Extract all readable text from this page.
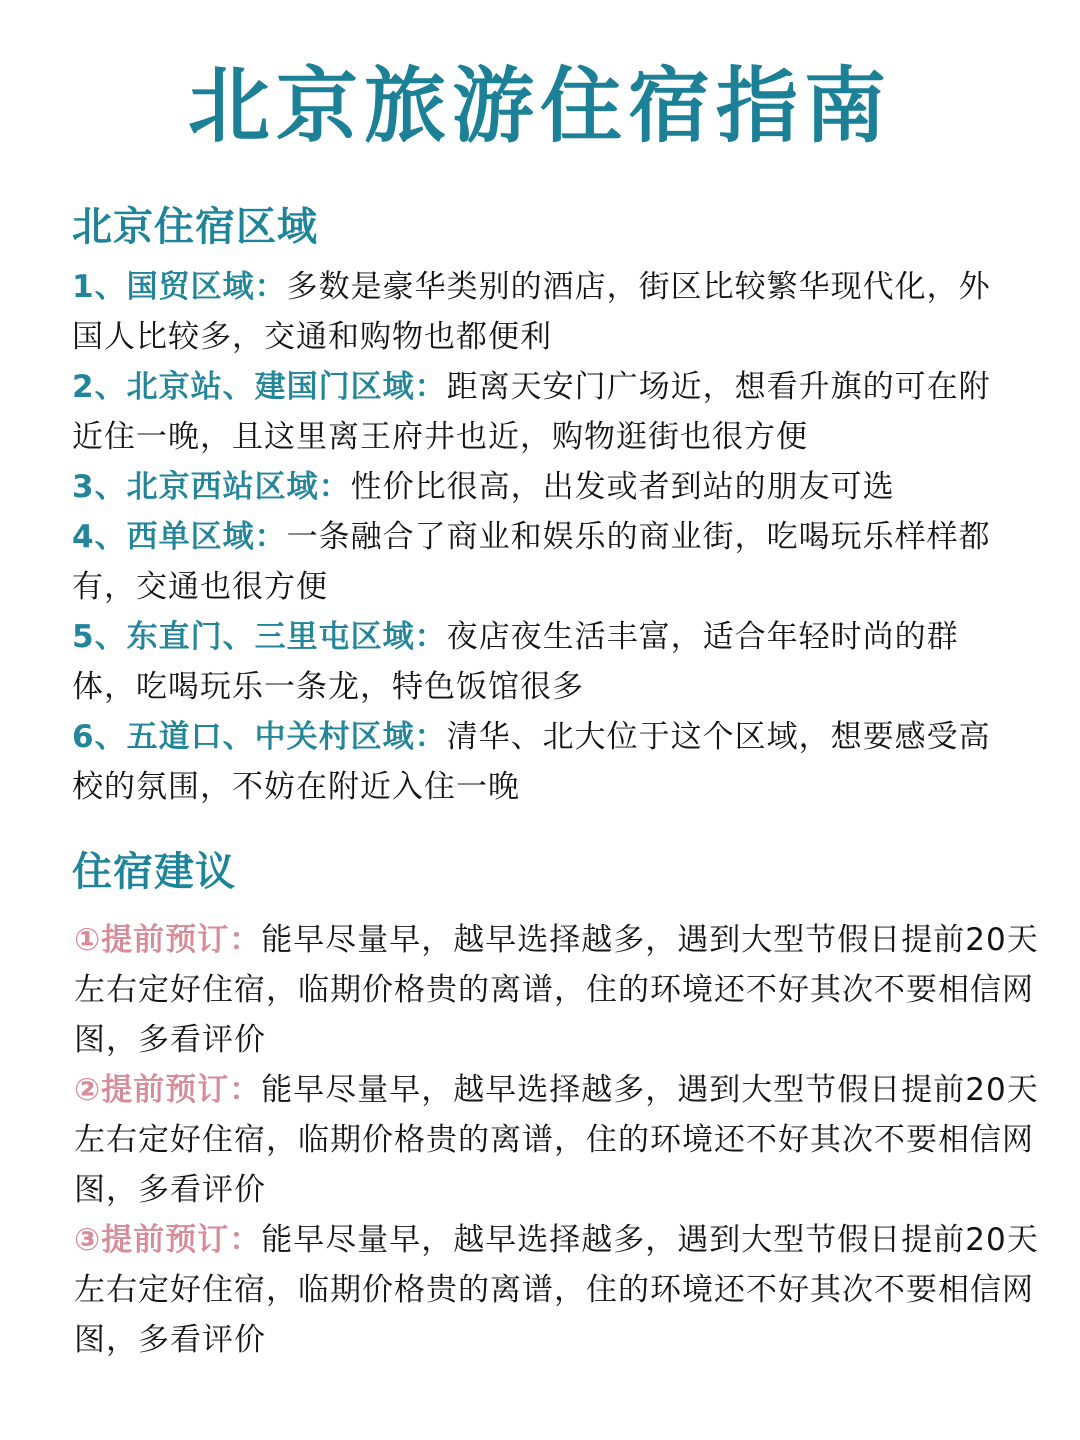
北京旅游住宿指南
北京住宿区域
1、国贸区域：多数是豪华类别的酒店，街区比较繁华现代化，外国人比较多，交通和购物也都便利
2、北京站、建国门区域：距离天安门广场近，想看升旗的可在附近住一晚，且这里离王府井也近，购物逛街也很方便
3、北京西站区域：性价比很高，出发或者到站的朋友可选
4、西单区域：一条融合了商业和娱乐的商业街，吃喝玩乐样样都有，交通也很方便
5、东直门、三里屯区域：夜店夜生活丰富，适合年轻时尚的群体，吃喝玩乐一条龙，特色饭馆很多
6、五道口、中关村区域：清华、北大位于这个区域，想要感受高校的氛围，不妨在附近入住一晚
住宿建议
①提前预订：能早尽量早，越早选择越多，遇到大型节假日提前20天左右定好住宿，临期价格贵的离谱，住的环境还不好其次不要相信网图，多看评价
②提前预订：能早尽量早，越早选择越多，遇到大型节假日提前20天左右定好住宿，临期价格贵的离谱，住的环境还不好其次不要相信网图，多看评价
③提前预订：能早尽量早，越早选择越多，遇到大型节假日提前20天左右定好住宿，临期价格贵的离谱，住的环境还不好其次不要相信网图，多看评价
